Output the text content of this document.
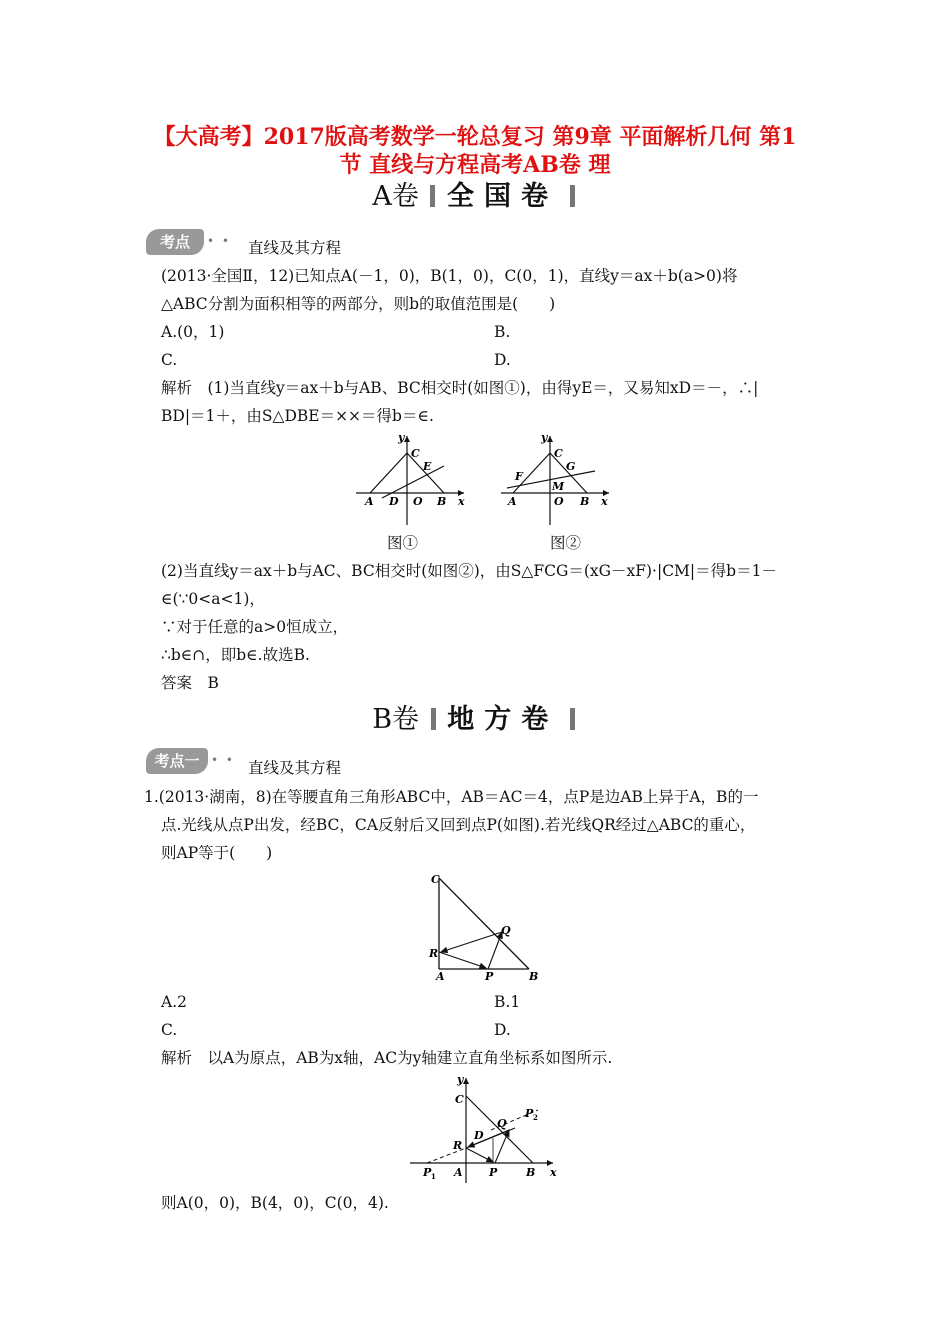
【大高考】2017版高考数学一轮总复习 第9章 平面解析几何 第1
节 直线与方程高考AB卷 理
A卷 全国卷
考点	• • 直线及其方程
(2013·全国Ⅱ，12)已知点A(－1，0)，B(1，0)，C(0，1)，直线y＝ax＋b(a>0)将
△ABC分割为面积相等的两部分，则b的取值范围是(　　)
A.(0，1)	B.
C.	D.
解析　(1)当直线y＝ax＋b与AB、BC相交时(如图①)，由得yE＝，又易知xD＝－，∴|
BD|＝1＋，由S△DBE＝××＝得b＝∈.
y
C
E
A D O B x
y
C
F
G
M
A	O B x
图①	图②
(2)当直线y＝ax＋b与AC、BC相交时(如图②)，由S△FCG＝(xG－xF)·|CM|＝得b＝1－
∈(∵0<a<1)，
∵对于任意的a>0恒成立，
∴b∈∩，即b∈.故选B.
答案　B
B卷 地方卷
考点一 • • 直线及其方程
1.(2013·湖南，8)在等腰直角三角形ABC中，AB＝AC＝4，点P是边AB上异于A，B的一
点.光线从点P出发，经BC，CA反射后又回到点P(如图).若光线QR经过△ABC的重心，
则AP等于(　　)
C
Q
R
A	P	B
A.2	B.1
C.	D.
解析　以A为原点，AB为x轴，AC为y轴建立直角坐标系如图所示.
y
C
D
Q
P 2
R
P 1 A P	B x
则A(0，0)，B(4，0)，C(0，4).
